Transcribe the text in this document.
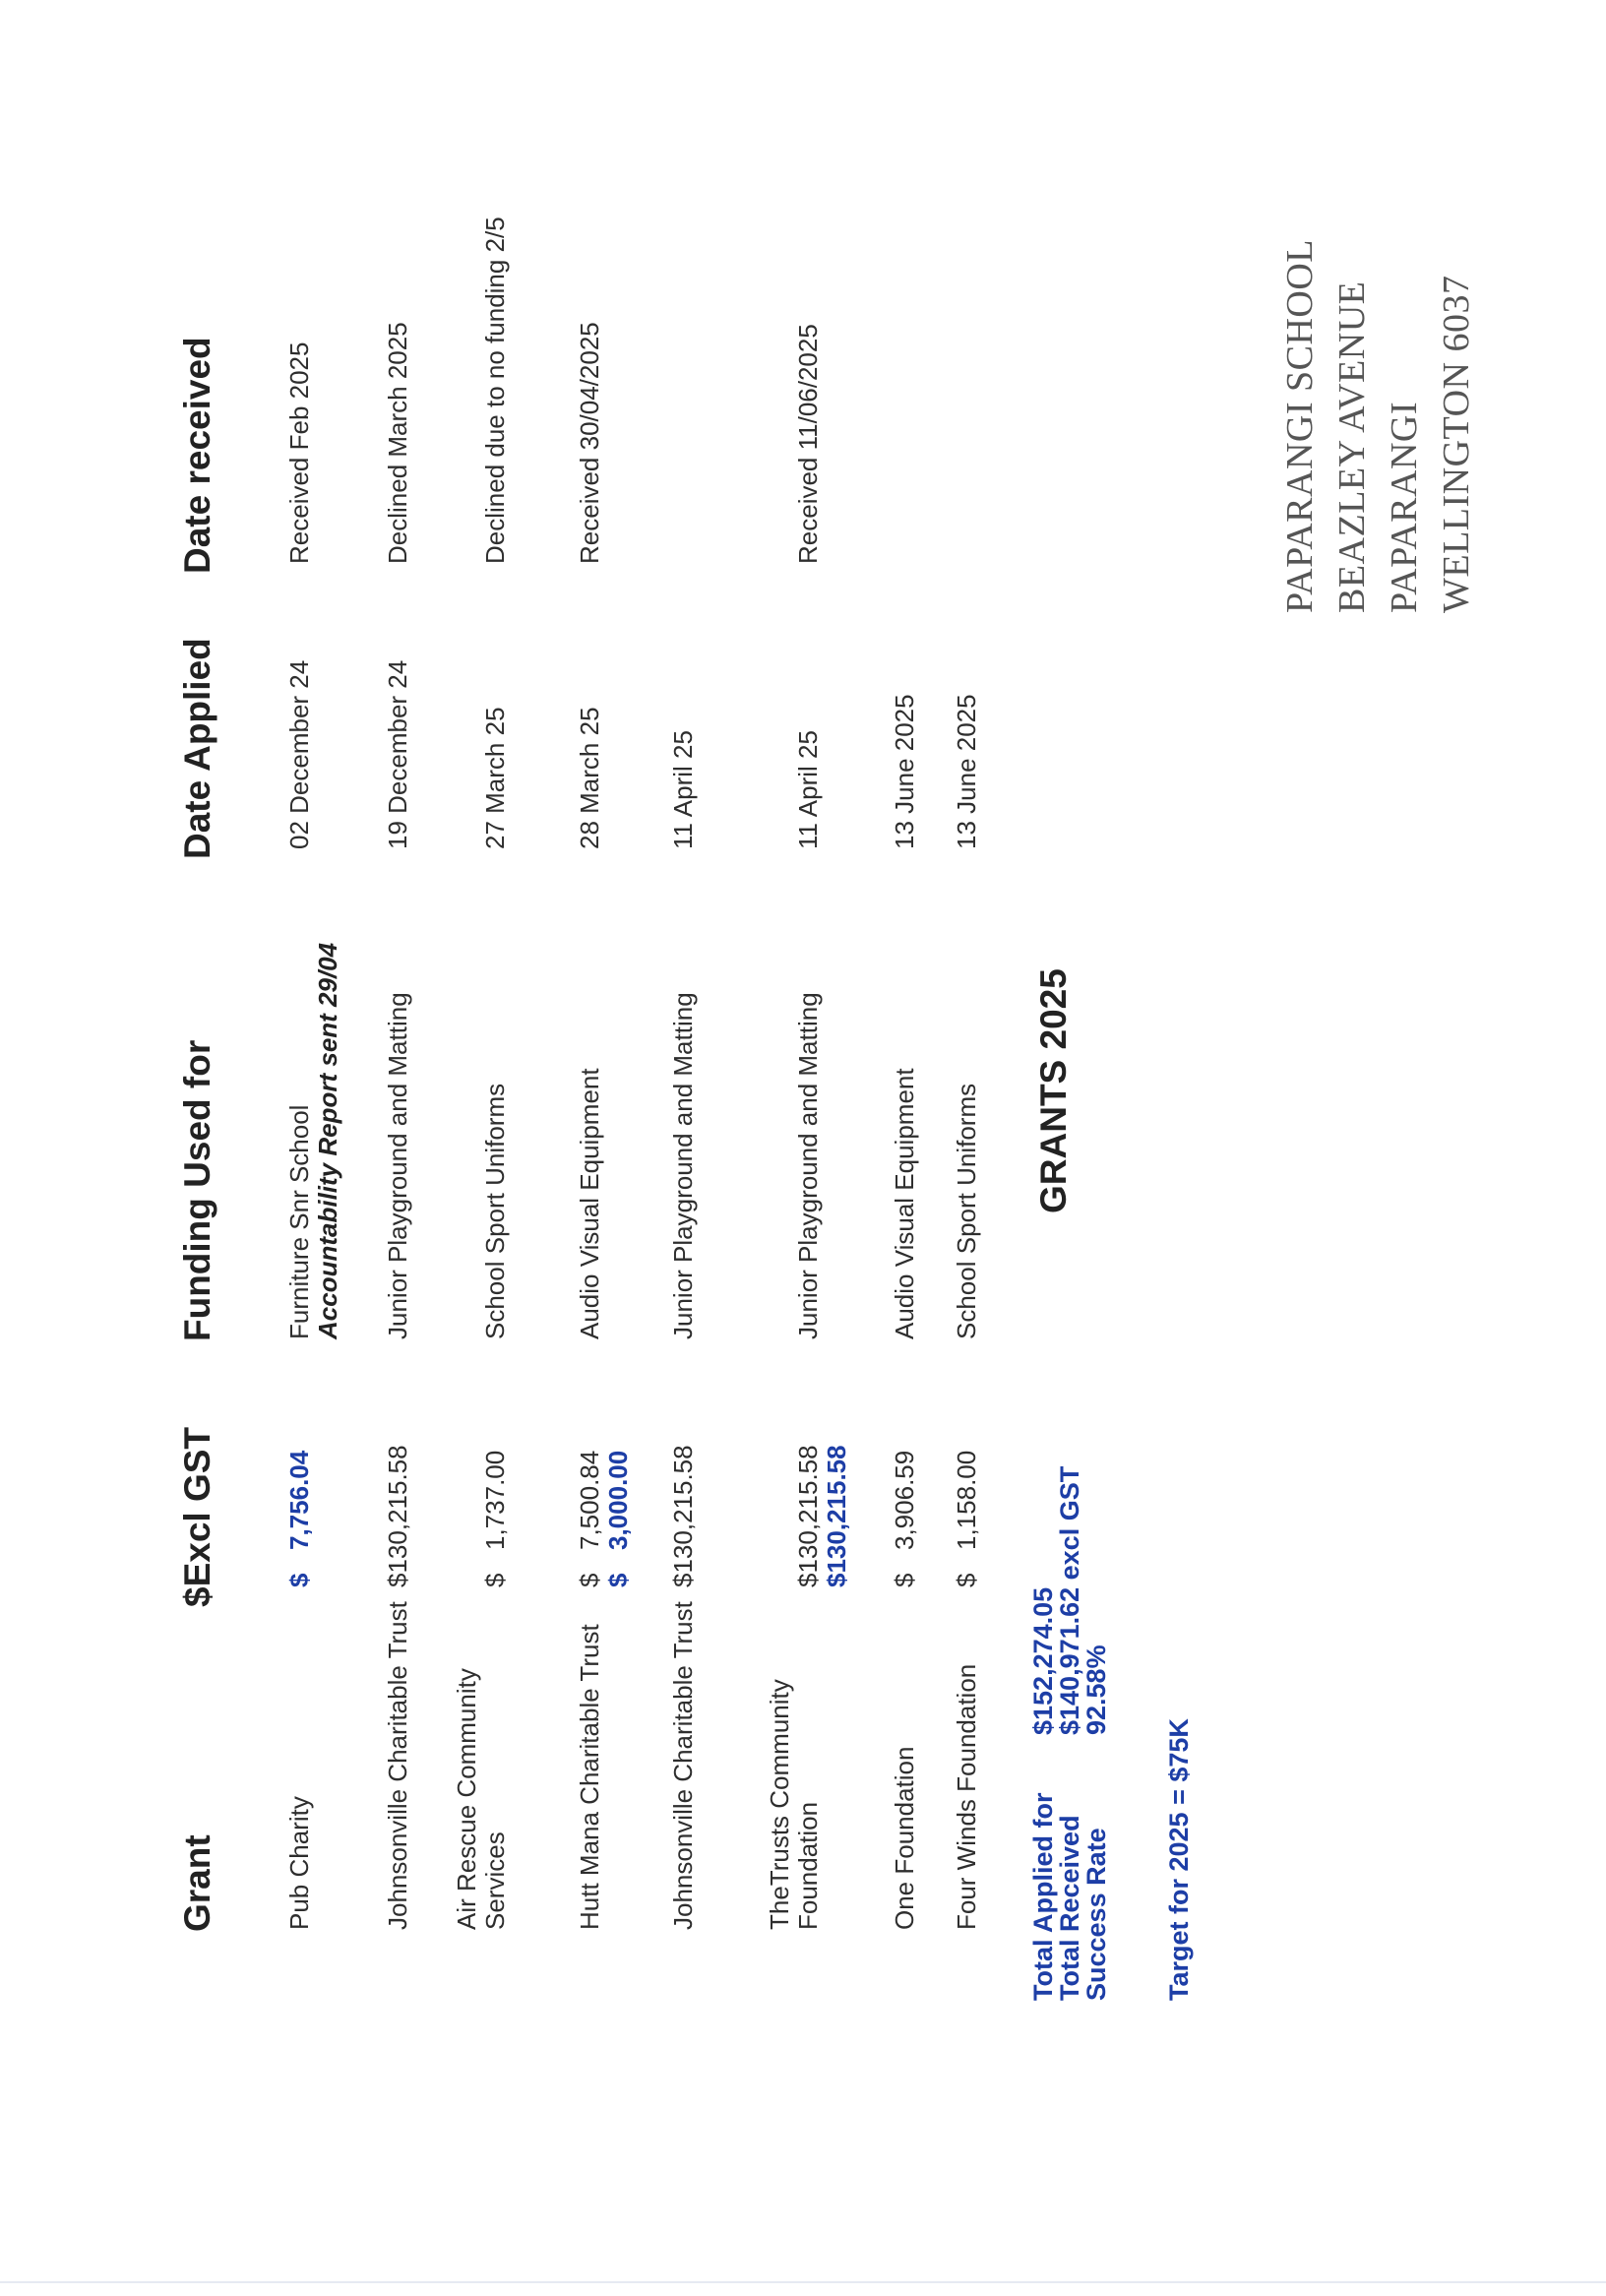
GRANTS 2025
Grant
$Excl GST
Funding Used for
Date Applied
Date received
Pub Charity
$7,756.04
Furniture Snr School Accountability Report sent 29/04
02 December 24
Received Feb 2025
Johnsonville Charitable Trust
$130,215.58
Junior Playground and Matting
19 December 24
Declined March 2025
Air Rescue Community Services
$1,737.00
School Sport Uniforms
27 March 25
Declined due to no funding 2/5
Hutt Mana Charitable Trust
$7,500.84
$3,000.00
Audio Visual Equipment
28 March 25
Received 30/04/2025
Johnsonville Charitable Trust
$130,215.58
Junior Playground and Matting
11 April 25
TheTrusts Community Foundation
$130,215.58 $130,215.58
Junior Playground and Matting
11 April 25
Received 11/06/2025
One Foundation
$3,906.59
Audio Visual Equipment
13 June 2025
Four Winds Foundation
$1,158.00
School Sport Uniforms
13 June 2025
Total Applied for
Total Received
Success Rate
$152,274.05
$140,971.62 excl GST
92.58%
Target for 2025 = $75K
PAPARANGI SCHOOL BEAZLEY AVENUE PAPARANGI WELLINGTON 6037
